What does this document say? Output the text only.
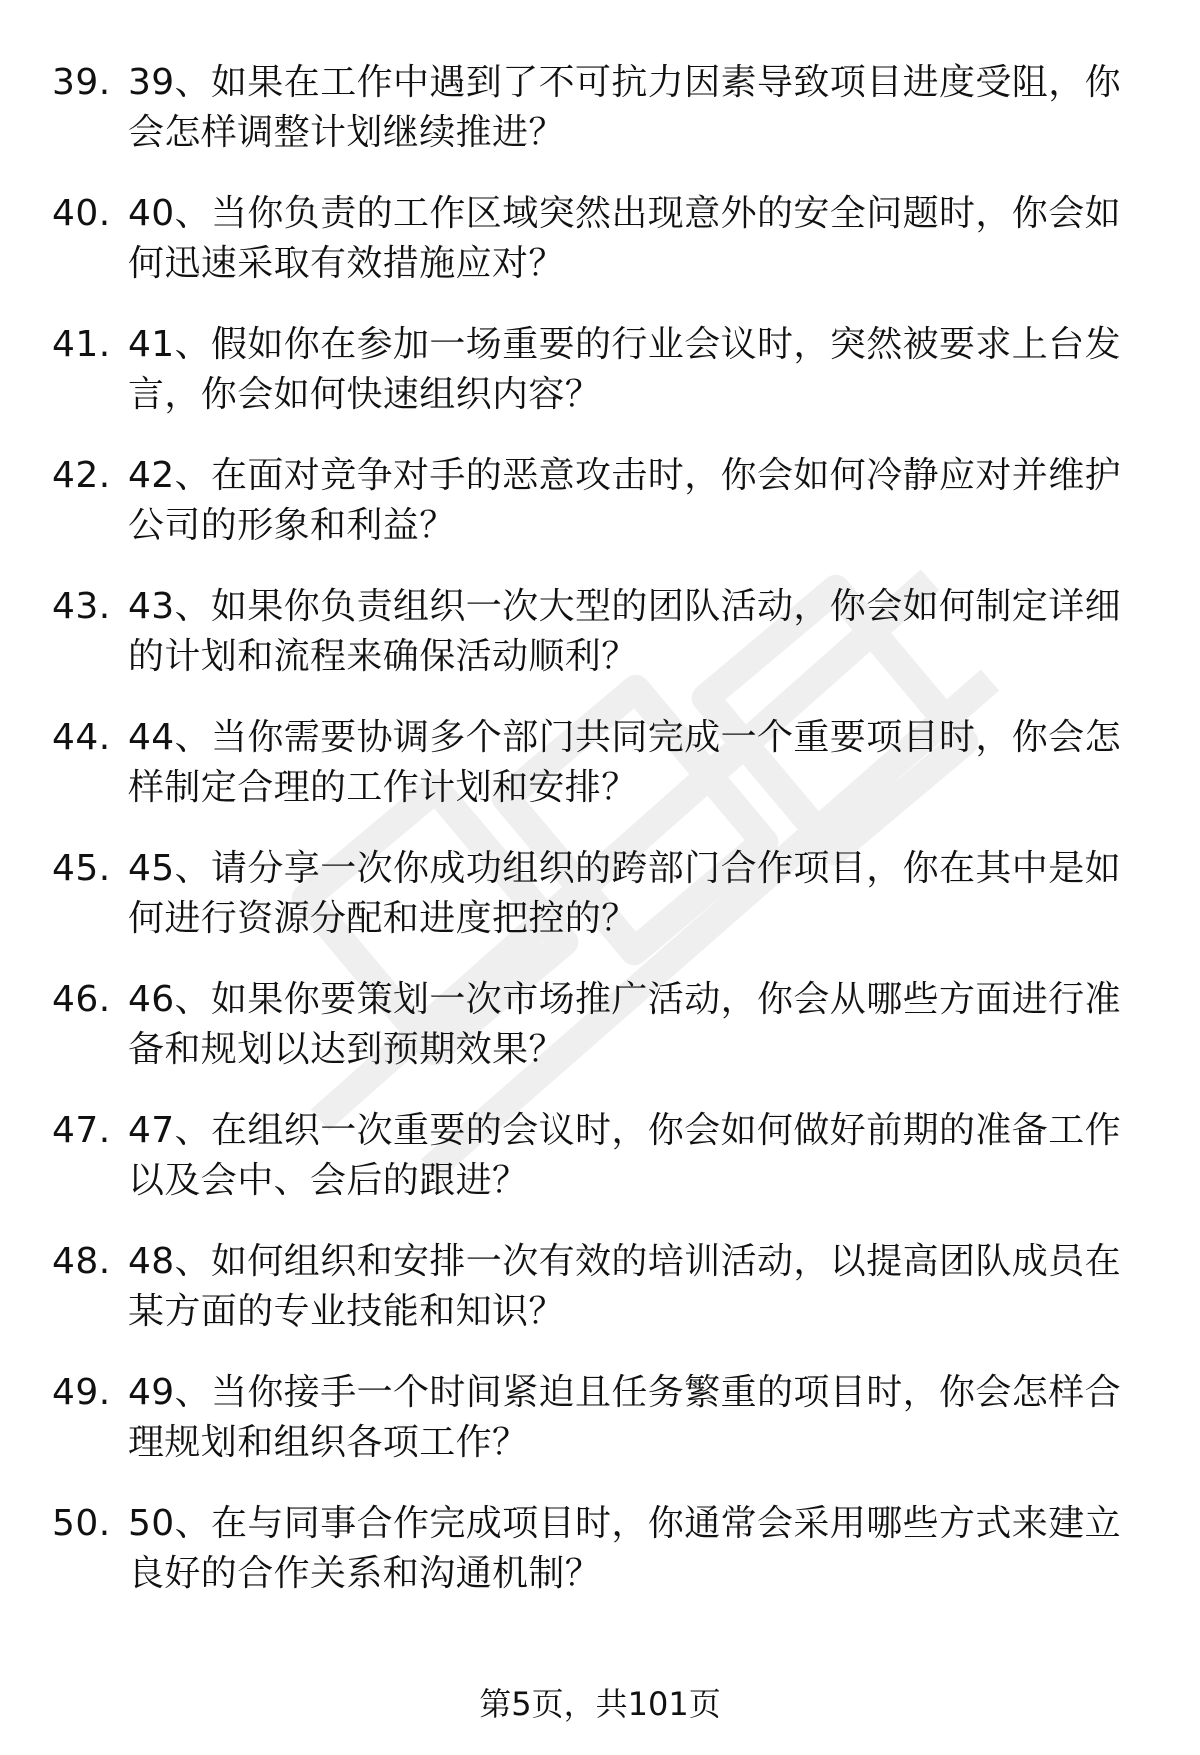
39. 39、如果在工作中遇到了不可抗力因素导致项目进度受阻，你会怎样调整计划继续推进？
40. 40、当你负责的工作区域突然出现意外的安全问题时，你会如何迅速采取有效措施应对？
41. 41、假如你在参加一场重要的行业会议时，突然被要求上台发言，你会如何快速组织内容？
42. 42、在面对竞争对手的恶意攻击时，你会如何冷静应对并维护公司的形象和利益？
43. 43、如果你负责组织一次大型的团队活动，你会如何制定详细的计划和流程来确保活动顺利？
44. 44、当你需要协调多个部门共同完成一个重要项目时，你会怎样制定合理的工作计划和安排？
45. 45、请分享一次你成功组织的跨部门合作项目，你在其中是如何进行资源分配和进度把控的？
46. 46、如果你要策划一次市场推广活动，你会从哪些方面进行准备和规划以达到预期效果？
47. 47、在组织一次重要的会议时，你会如何做好前期的准备工作以及会中、会后的跟进？
48. 48、如何组织和安排一次有效的培训活动，以提高团队成员在某方面的专业技能和知识？
49. 49、当你接手一个时间紧迫且任务繁重的项目时，你会怎样合理规划和组织各项工作？
50. 50、在与同事合作完成项目时，你通常会采用哪些方式来建立良好的合作关系和沟通机制？
第5页，共101页
